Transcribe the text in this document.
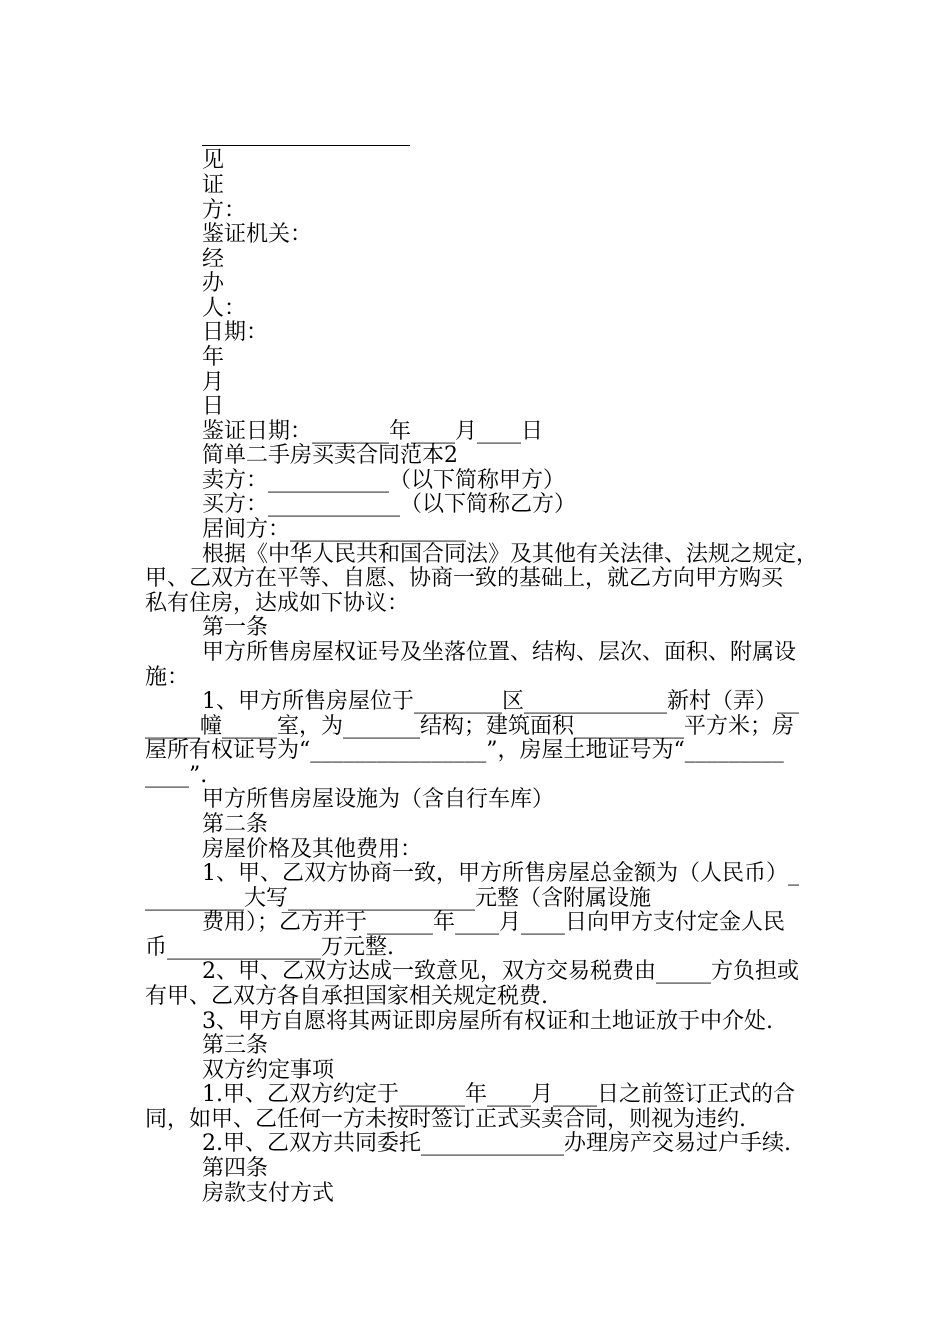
见
证
方：
鉴证机关：
经
办
人：
日期：
年
月
日
鉴证日期：_______年____月____日
简单二手房买卖合同范本2
卖方：___________（以下简称甲方）
买方：____________（以下简称乙方）
居间方：________________
根据《中华人民共和国合同法》及其他有关法律、法规之规定，
甲、乙双方在平等、自愿、协商一致的基础上，就乙方向甲方购买
私有住房，达成如下协议：
第一条
甲方所售房屋权证号及坐落位置、结构、层次、面积、附属设
施：
1、甲方所售房屋位于________区_____________新村（弄）__
_____幢_____室，为_______结构；建筑面积__________平方米；房
屋所有权证号为“________________”，房屋土地证号为“_________
____”.
甲方所售房屋设施为（含自行车库）
第二条
房屋价格及其他费用：
1、甲、乙双方协商一致，甲方所售房屋总金额为（人民币）_
_________大写_________________元整（含附属设施
费用）；乙方并于______年____月____日向甲方支付定金人民
币______________万元整.
2、甲、乙双方达成一致意见，双方交易税费由_____方负担或
有甲、乙双方各自承担国家相关规定税费.
3、甲方自愿将其两证即房屋所有权证和土地证放于中介处.
第三条
双方约定事项
1.甲、乙双方约定于______年____月____日之前签订正式的合
同，如甲、乙任何一方未按时签订正式买卖合同，则视为违约.
2.甲、乙双方共同委托_____________办理房产交易过户手续.
第四条
房款支付方式
